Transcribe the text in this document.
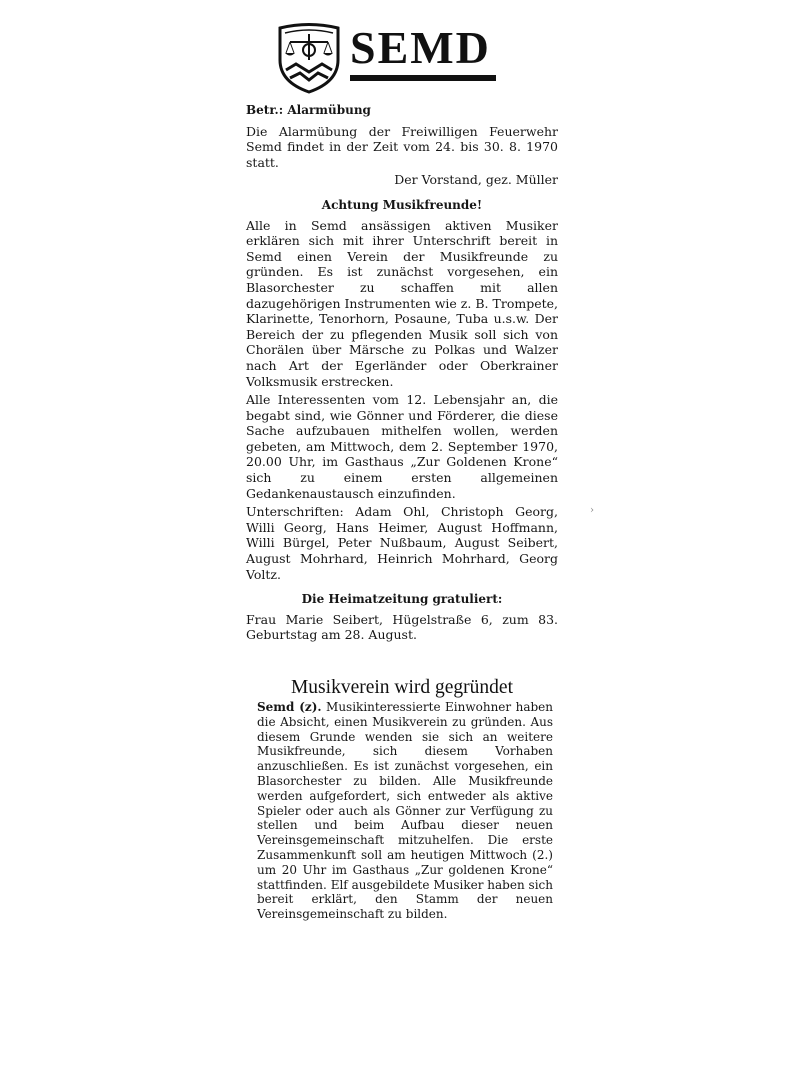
SEMD

Betr.: Alarmübung

Die Alarmübung der Freiwilligen Feuerwehr Semd findet in der Zeit vom 24. bis 30. 8. 1970 statt.

Der Vorstand, gez. Müller

Achtung Musikfreunde!

Alle in Semd ansässigen aktiven Musiker erklären sich mit ihrer Unterschrift bereit in Semd einen Verein der Musikfreunde zu gründen. Es ist zunächst vorgesehen, ein Blasorchester zu schaffen mit allen dazugehörigen Instrumenten wie z. B. Trompete, Klarinette, Tenorhorn, Posaune, Tuba u.s.w. Der Bereich der zu pflegenden Musik soll sich von Chorälen über Märsche zu Polkas und Walzer nach Art der Egerländer oder Oberkrainer Volksmusik erstrecken.

Alle Interessenten vom 12. Lebensjahr an, die begabt sind, wie Gönner und Förderer, die diese Sache aufzubauen mithelfen wollen, werden gebeten, am Mittwoch, dem 2. September 1970, 20.00 Uhr, im Gasthaus „Zur Goldenen Krone“ sich zu einem ersten allgemeinen Gedankenaustausch einzufinden.

Unterschriften: Adam Ohl, Christoph Georg, Willi Georg, Hans Heimer, August Hoffmann, Willi Bürgel, Peter Nußbaum, August Seibert, August Mohrhard, Heinrich Mohrhard, Georg Voltz.

Die Heimatzeitung gratuliert:

Frau Marie Seibert, Hügelstraße 6, zum 83. Geburtstag am 28. August.

›
Musikverein wird gegründet
Semd (z). Musikinteressierte Einwohner haben die Absicht, einen Musikverein zu gründen. Aus diesem Grunde wenden sie sich an weitere Musikfreunde, sich diesem Vorhaben anzuschließen. Es ist zunächst vorgesehen, ein Blasorchester zu bilden. Alle Musikfreunde werden aufgefordert, sich entweder als aktive Spieler oder auch als Gönner zur Verfügung zu stellen und beim Aufbau dieser neuen Vereinsgemeinschaft mitzuhelfen. Die erste Zusammenkunft soll am heutigen Mittwoch (2.) um 20 Uhr im Gasthaus „Zur goldenen Krone“ stattfinden. Elf ausgebildete Musiker haben sich bereit erklärt, den Stamm der neuen Vereinsgemeinschaft zu bilden.
